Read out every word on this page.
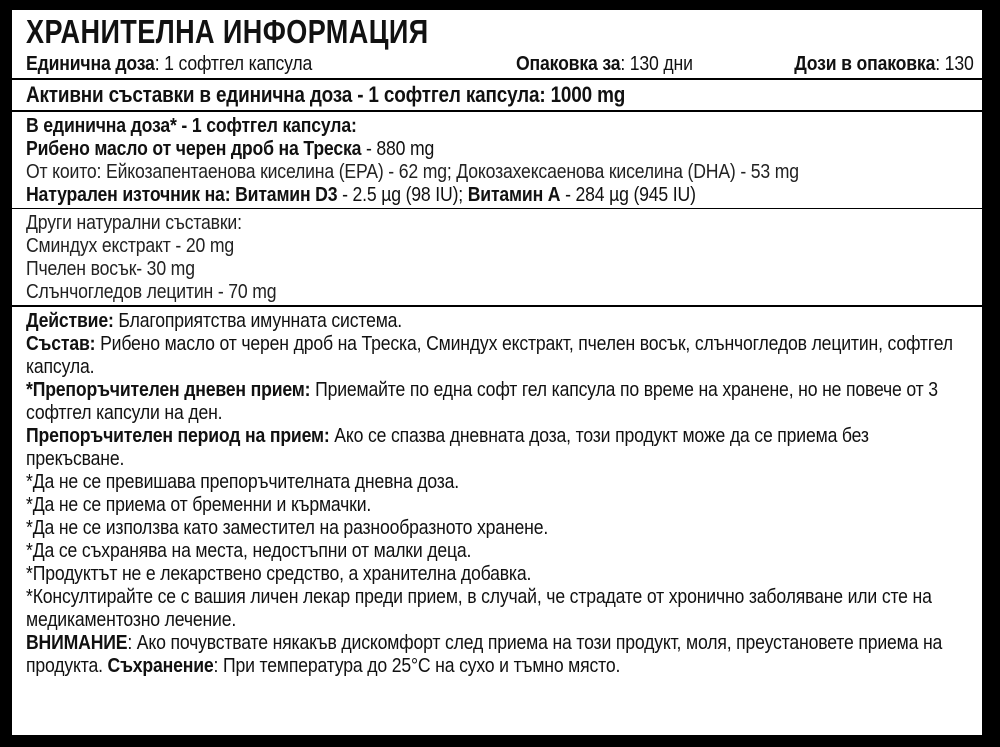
ХРАНИТЕЛНА ИНФОРМАЦИЯ
Единична доза: 1 софтгел капсула	Опаковка за: 130 дни	Дози в опаковка: 130
Активни съставки в единична доза - 1 софтгел капсула: 1000 mg
В единична доза* - 1 софтгел капсула:
Рибено масло от черен дроб на Треска - 880 mg
От които: Ейкозапентаенова киселина (EPA) - 62 mg; Докозахексаенова киселина (DHA) - 53 mg
Натурален източник на: Витамин D3 - 2.5 µg (98 IU); Витамин А - 284 µg (945 IU)
Други натурални съставки:
Сминдух екстракт - 20 mg
Пчелен восък- 30 mg
Слънчогледов лецитин - 70 mg
Действие: Благоприятства имунната система.
Състав: Рибено масло от черен дроб на Треска, Сминдух екстракт, пчелен восък, слънчогледов лецитин, софтгел капсула.
*Препоръчителен дневен прием: Приемайте по една софт гел капсула по време на хранене, но не повече от 3 софтгел капсули на ден.
Препоръчителен период на прием: Ако се спазва дневната доза, този продукт може да се приема без прекъсване.
*Да не се превишава препоръчителната дневна доза.
*Да не се приема от бременни и кърмачки.
*Да не се използва като заместител на разнообразното хранене.
*Да се съхранява на места, недостъпни от малки деца.
*Продуктът не е лекарствено средство, а хранителна добавка.
*Консултирайте се с вашия личен лекар преди прием, в случай, че страдате от хронично заболяване или сте на медикаментозно лечение.
ВНИМАНИЕ: Ако почувствате някакъв дискомфорт след приема на този продукт, моля, преустановете приема на продукта. Съхранение: При температура до 25°C на сухо и тъмно място.
